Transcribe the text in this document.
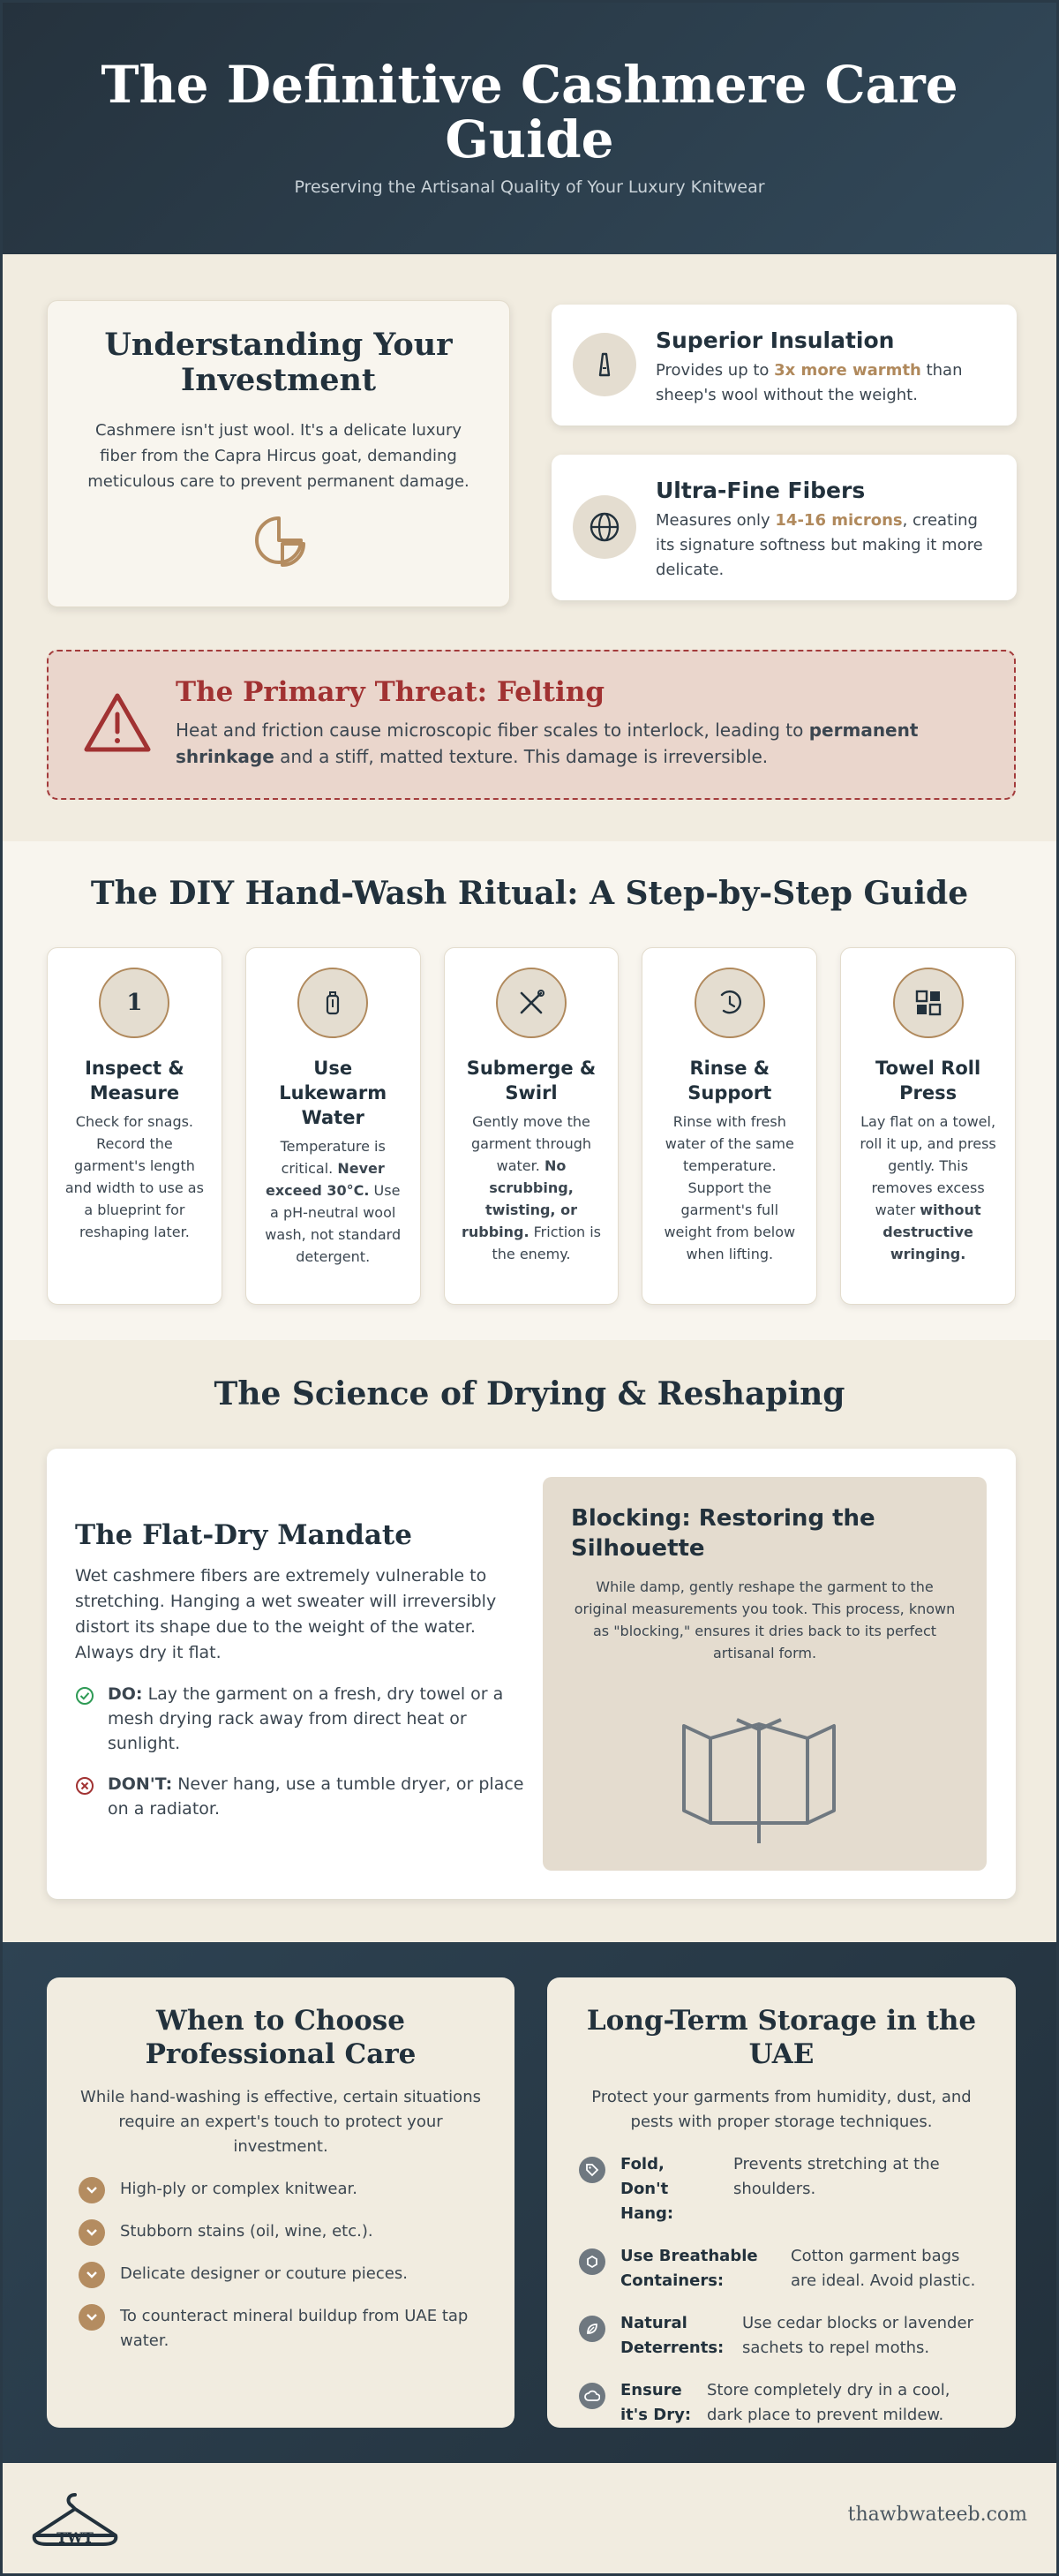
The Definitive Cashmere Care Guide

Preserving the Artisanal Quality of Your Luxury Knitwear

Understanding Your Investment

Cashmere isn't just wool. It's a delicate luxury fiber from the Capra Hircus goat, demanding meticulous care to prevent permanent damage.

Superior Insulation

Provides up to 3x more warmth than sheep's wool without the weight.

Ultra-Fine Fibers

Measures only 14-16 microns, creating its signature softness but making it more delicate.

The Primary Threat: Felting

Heat and friction cause microscopic fiber scales to interlock, leading to permanent shrinkage and a stiff, matted texture. This damage is irreversible.

The DIY Hand-Wash Ritual: A Step-by-Step Guide
1
Inspect & Measure

Check for snags. Record the garment's length and width to use as a blueprint for reshaping later.

Use Lukewarm Water

Temperature is critical. Never exceed 30°C. Use a pH-neutral wool wash, not standard detergent.

Submerge & Swirl

Gently move the garment through water. No scrubbing, twisting, or rubbing. Friction is the enemy.

Rinse & Support

Rinse with fresh water of the same temperature. Support the garment's full weight from below when lifting.

Towel Roll Press

Lay flat on a towel, roll it up, and press gently. This removes excess water without destructive wringing.

The Science of Drying & Reshaping
The Flat-Dry Mandate

Wet cashmere fibers are extremely vulnerable to stretching. Hanging a wet sweater will irreversibly distort its shape due to the weight of the water. Always dry it flat.

DO: Lay the garment on a fresh, dry towel or a mesh drying rack away from direct heat or sunlight.
DON'T: Never hang, use a tumble dryer, or place on a radiator.
Blocking: Restoring the Silhouette

While damp, gently reshape the garment to the original measurements you took. This process, known as "blocking," ensures it dries back to its perfect artisanal form.

When to Choose Professional Care

While hand-washing is effective, certain situations require an expert's touch to protect your investment.

High-ply or complex knitwear.
Stubborn stains (oil, wine, etc.).
Delicate designer or couture pieces.
To counteract mineral buildup from UAE tap water.
Long-Term Storage in the UAE

Protect your garments from humidity, dust, and pests with proper storage techniques.

Fold, Don't Hang:
Prevents stretching at the shoulders.
Use Breathable Containers:
Cotton garment bags are ideal. Avoid plastic.
Natural Deterrents:
Use cedar blocks or lavender sachets to repel moths.
Ensure it's Dry:
Store completely dry in a cool, dark place to prevent mildew.
TWT
thawbwateeb.com
